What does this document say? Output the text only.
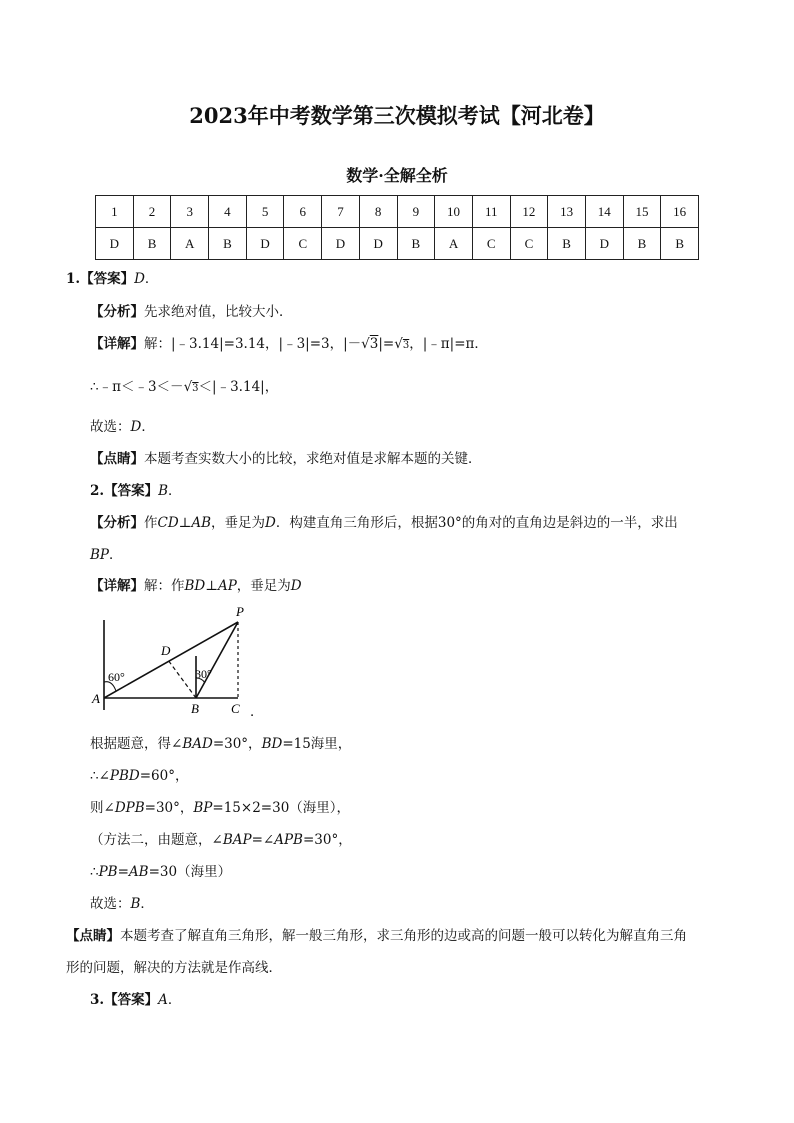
2023年中考数学第三次模拟考试【河北卷】
数学·全解全析
1	2	3	4	5	6	7	8	9	10	11	12	13	14	15	16
D	B	A	B	D	C	D	D	B	A	C	C	B	D	B	B
1.【答案】D．
【分析】先求绝对值，比较大小．
【详解】解：|﹣3.14|=3.14，|﹣3|=3，|－√3|=√3，|﹣π|=π．
∴﹣π＜﹣3＜－√3＜|﹣3.14|，
故选：D．
【点睛】本题考查实数大小的比较，求绝对值是求解本题的关键．
2.【答案】B．
【分析】作CD⊥AB，垂足为D．构建直角三角形后，根据30°的角对的直角边是斜边的一半，求出
BP．
【详解】解：作BD⊥AP，垂足为D
P
D
A
B C
60°	30°
．
根据题意，得∠BAD=30°，BD=15海里，
∴∠PBD=60°，
则∠DPB=30°，BP=15×2=30（海里），
（方法二，由题意，∠BAP=∠APB=30°，
∴PB=AB=30（海里）
故选：B．
【点睛】本题考查了解直角三角形，解一般三角形，求三角形的边或高的问题一般可以转化为解直角三角
形的问题，解决的方法就是作高线．
3.【答案】A．
